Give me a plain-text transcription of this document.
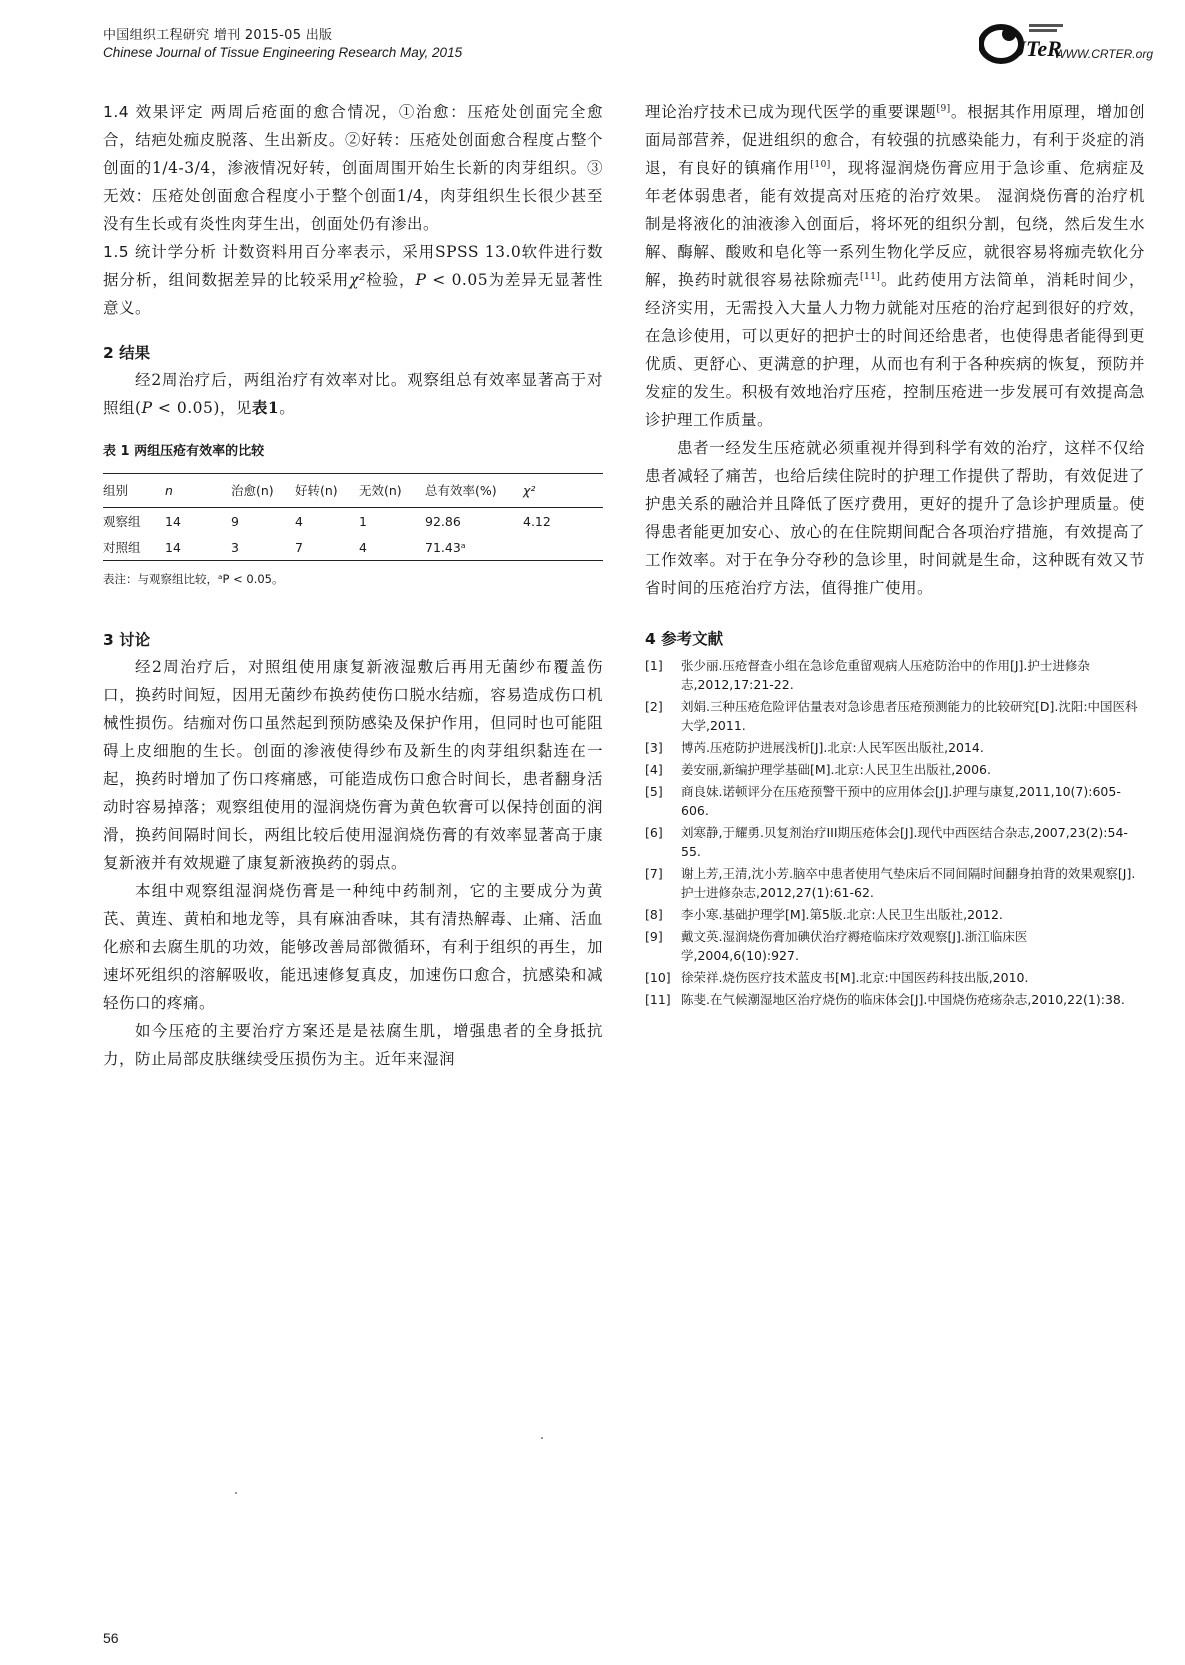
中国组织工程研究 增刊 2015-05 出版
Chinese Journal of Tissue Engineering Research May, 2015	JTeR
WWW.CRTER.org

1.4 效果评定 两周后疮面的愈合情况，①治愈：压疮处创面完全愈合，结疤处痂皮脱落、生出新皮。②好转：压疮处创面愈合程度占整个创面的1/4-3/4，渗液情况好转，创面周围开始生长新的肉芽组织。③无效：压疮处创面愈合程度小于整个创面1/4，肉芽组织生长很少甚至没有生长或有炎性肉芽生出，创面处仍有渗出。

1.5 统计学分析 计数资料用百分率表示，采用SPSS 13.0软件进行数据分析，组间数据差异的比较采用χ²检验，P < 0.05为差异无显著性意义。

2 结果

经2周治疗后，两组治疗有效率对比。观察组总有效率显著高于对照组(P < 0.05)，见表1。

表 1 两组压疮有效率的比较
组别	n	治愈(n)	好转(n)	无效(n)	总有效率(%)	χ²
观察组	14	9	4	1	92.86	4.12
对照组	14	3	7	4	71.43ᵃ	
表注：与观察组比较，ᵃP < 0.05。
3 讨论

经2周治疗后，对照组使用康复新液湿敷后再用无菌纱布覆盖伤口，换药时间短，因用无菌纱布换药使伤口脱水结痂，容易造成伤口机械性损伤。结痂对伤口虽然起到预防感染及保护作用，但同时也可能阻碍上皮细胞的生长。创面的渗液使得纱布及新生的肉芽组织黏连在一起，换药时增加了伤口疼痛感，可能造成伤口愈合时间长，患者翻身活动时容易掉落；观察组使用的湿润烧伤膏为黄色软膏可以保持创面的润滑，换药间隔时间长，两组比较后使用湿润烧伤膏的有效率显著高于康复新液并有效规避了康复新液换药的弱点。

本组中观察组湿润烧伤膏是一种纯中药制剂，它的主要成分为黄芪、黄连、黄柏和地龙等，具有麻油香味，其有清热解毒、止痛、活血化瘀和去腐生肌的功效，能够改善局部微循环，有利于组织的再生，加速坏死组织的溶解吸收，能迅速修复真皮，加速伤口愈合，抗感染和减轻伤口的疼痛。

如今压疮的主要治疗方案还是是祛腐生肌，增强患者的全身抵抗力，防止局部皮肤继续受压损伤为主。近年来湿润

理论治疗技术已成为现代医学的重要课题[9]。根据其作用原理，增加创面局部营养，促进组织的愈合，有较强的抗感染能力，有利于炎症的消退，有良好的镇痛作用[10]，现将湿润烧伤膏应用于急诊重、危病症及年老体弱患者，能有效提高对压疮的治疗效果。 湿润烧伤膏的治疗机制是将液化的油液渗入创面后，将坏死的组织分割，包绕，然后发生水解、酶解、酸败和皂化等一系列生物化学反应，就很容易将痂壳软化分解，换药时就很容易祛除痂壳[11]。此药使用方法简单，消耗时间少，经济实用，无需投入大量人力物力就能对压疮的治疗起到很好的疗效，在急诊使用，可以更好的把护士的时间还给患者，也使得患者能得到更优质、更舒心、更满意的护理，从而也有利于各种疾病的恢复，预防并发症的发生。积极有效地治疗压疮，控制压疮进一步发展可有效提高急诊护理工作质量。

患者一经发生压疮就必须重视并得到科学有效的治疗，这样不仅给患者减轻了痛苦，也给后续住院时的护理工作提供了帮助，有效促进了护患关系的融洽并且降低了医疗费用，更好的提升了急诊护理质量。使得患者能更加安心、放心的在住院期间配合各项治疗措施，有效提高了工作效率。对于在争分夺秒的急诊里，时间就是生命，这种既有效又节省时间的压疮治疗方法，值得推广使用。

4 参考文献
[1] 张少丽.压疮督查小组在急诊危重留观病人压疮防治中的作用[J].护士进修杂志,2012,17:21-22.
[2] 刘娟.三种压疮危险评估量表对急诊患者压疮预测能力的比较研究[D].沈阳:中国医科大学,2011.
[3] 博芮.压疮防护进展浅析[J].北京:人民军医出版社,2014.
[4] 姜安丽,新编护理学基础[M].北京:人民卫生出版社,2006.
[5] 商良妹.诺顿评分在压疮预警干预中的应用体会[J].护理与康复,2011,10(7):605-606.
[6] 刘寒静,于耀勇.贝复剂治疗III期压疮体会[J].现代中西医结合杂志,2007,23(2):54-55.
[7] 谢上芳,王清,沈小芳.脑卒中患者使用气垫床后不同间隔时间翻身拍背的效果观察[J].护士进修杂志,2012,27(1):61-62.
[8] 李小寒.基础护理学[M].第5版.北京:人民卫生出版社,2012.
[9] 戴文英.湿润烧伤膏加碘伏治疗褥疮临床疗效观察[J].浙江临床医学,2004,6(10):927.
[10] 徐荣祥.烧伤医疗技术蓝皮书[M].北京:中国医药科技出版,2010.
[11] 陈斐.在气候潮湿地区治疗烧伤的临床体会[J].中国烧伤疮疡杂志,2010,22(1):38.
56
